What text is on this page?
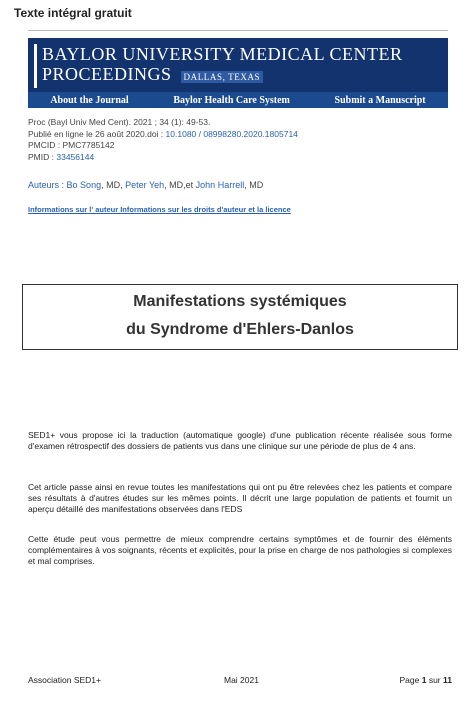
Texte intégral gratuit
BAYLOR UNIVERSITY MEDICAL CENTER
PROCEEDINGS DALLAS, TEXAS
About the Journal	Baylor Health Care System	Submit a Manuscript
Proc (Bayl Univ Med Cent). 2021 ; 34 (1): 49-53.
Publié en ligne le 26 août 2020.doi : 10.1080 / 08998280.2020.1805714
PMCID : PMC7785142
PMID : 33456144
Auteurs : Bo Song, MD, Peter Yeh, MD,et John Harrell, MD
Informations sur l' auteur Informations sur les droits d'auteur et la licence
Manifestations systémiques
du Syndrome d'Ehlers-Danlos

SED1+ vous propose ici la traduction (automatique google) d'une publication récente réalisée sous forme d'examen rétrospectif des dossiers de patients vus dans une clinique sur une période de plus de 4 ans.

Cet article passe ainsi en revue toutes les manifestations qui ont pu être relevées chez les patients et compare ses résultats à d'autres études sur les mêmes points. Il décrit une large population de patients et fournit un aperçu détaillé des manifestations observées dans l'EDS

Cette étude peut vous permettre de mieux comprendre certains symptômes et de fournir des éléments complémentaires à vos soignants, récents et explicités, pour la prise en charge de nos pathologies si complexes et mal comprises.

Association SED1+	Mai 2021	Page 1 sur 11
